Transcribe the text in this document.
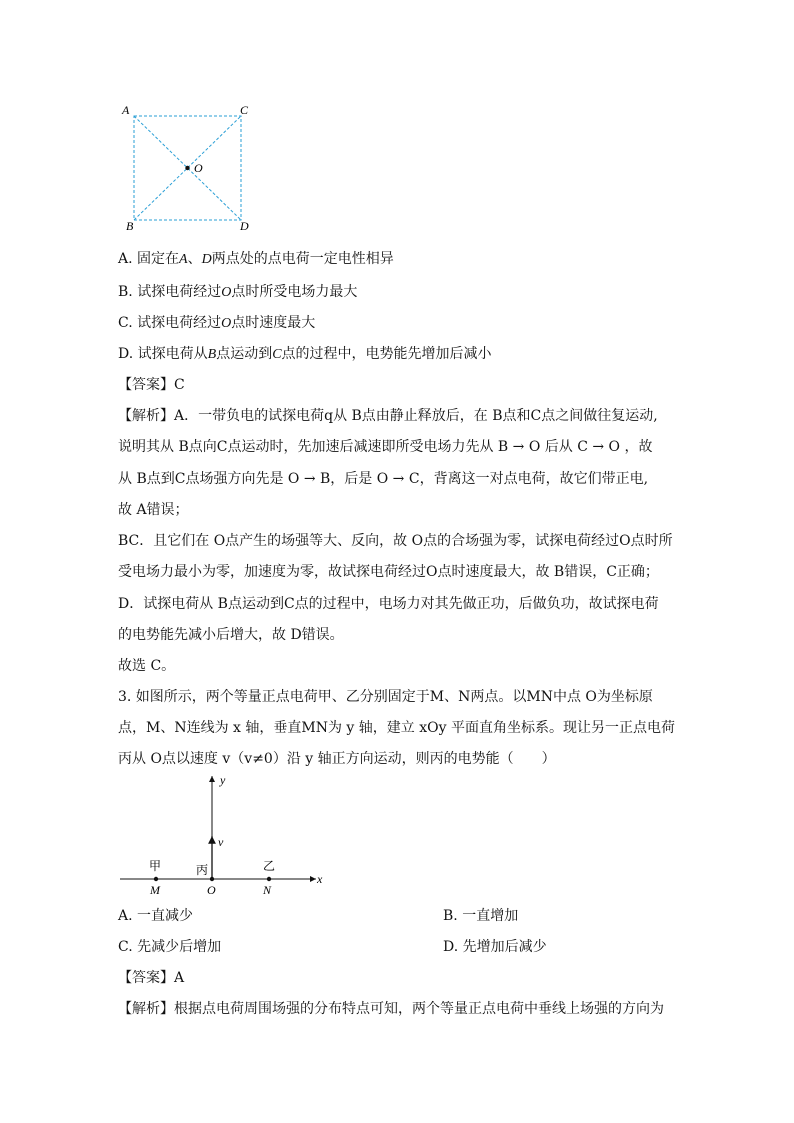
A	C
O
B	D
A. 固定在A、D两点处的点电荷一定电性相异
B. 试探电荷经过O点时所受电场力最大
C. 试探电荷经过O点时速度最大
D. 试探电荷从B点运动到C点的过程中，电势能先增加后减小
【答案】C
【解析】A．一带负电的试探电荷q从 B点由静止释放后，在 B点和C点之间做往复运动,
说明其从 B点向C点运动时，先加速后减速即所受电场力先从 B → O 后从 C → O ，故
从 B点到C点场强方向先是 O → B，后是 O → C，背离这一对点电荷，故它们带正电,
故 A错误；
BC．且它们在 O点产生的场强等大、反向，故 O点的合场强为零，试探电荷经过O点时所
受电场力最小为零，加速度为零，故试探电荷经过O点时速度最大，故 B错误，C正确；
D．试探电荷从 B点运动到C点的过程中，电场力对其先做正功，后做负功，故试探电荷
的电势能先减小后增大，故 D错误。
故选 C。
3. 如图所示，两个等量正点电荷甲、乙分别固定于M、N两点。以MN中点 O为坐标原
点，M、N连线为 x 轴，垂直MN为 y 轴，建立 xOy 平面直角坐标系。现让另一正点电荷
丙从 O点以速度 v（v≠0）沿 y 轴正方向运动，则丙的电势能（　　）
y
x
v
甲	丙	乙
M	O	N
A. 一直减少	B. 一直增加
C. 先减少后增加	D. 先增加后减少
【答案】A
【解析】根据点电荷周围场强的分布特点可知，两个等量正点电荷中垂线上场强的方向为
